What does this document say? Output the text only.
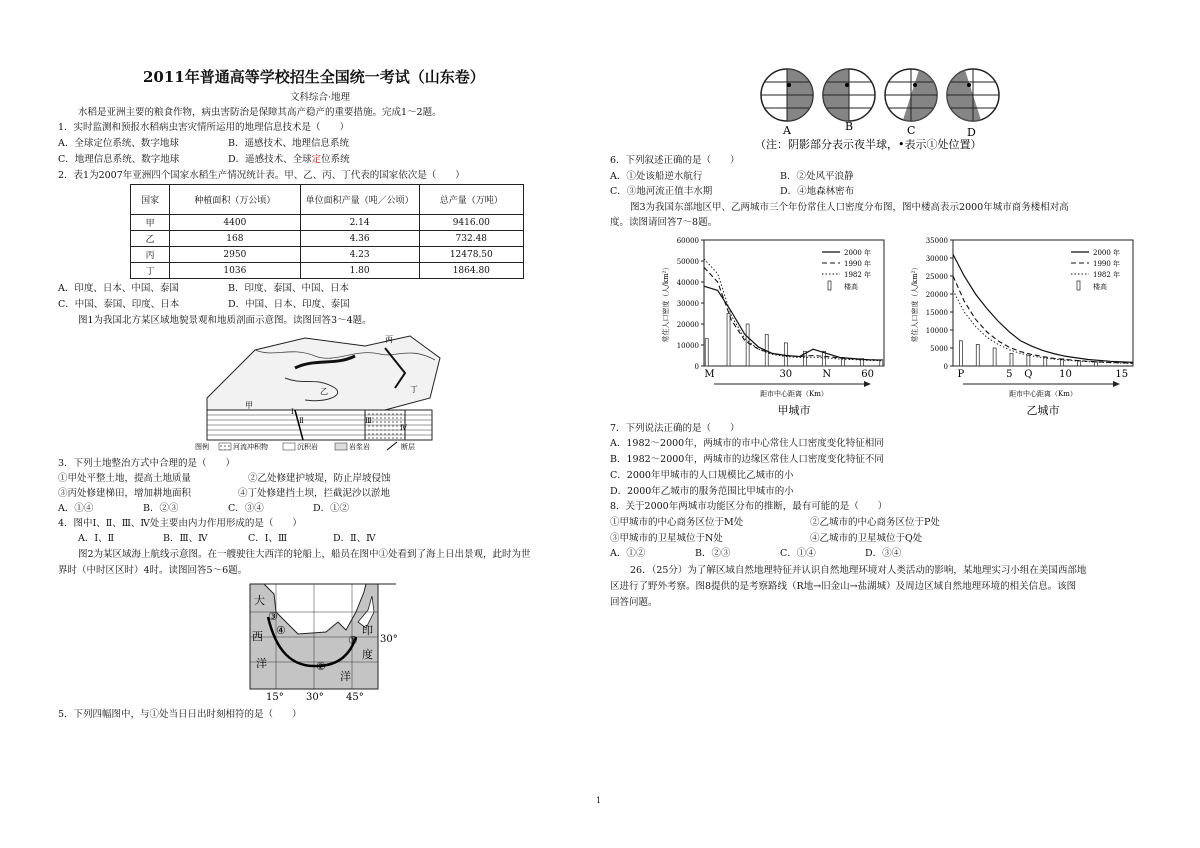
2011年普通高等学校招生全国统一考试（山东卷）
文科综合·地理
水稻是亚洲主要的粮食作物，病虫害防治是保障其高产稳产的重要措施。完成1～2题。
1．实时监测和预报水稻病虫害灾情所运用的地理信息技术是（　　）
A．全球定位系统、数字地球	B．遥感技术、地理信息系统
C．地理信息系统、数字地球	D．遥感技术、全球定位系统
2．表1为2007年亚洲四个国家水稻生产情况统计表。甲、乙、丙、丁代表的国家依次是（　　）
国家	种植面积（万公顷）	单位面积产量（吨／公顷）	总产量（万吨）
甲	4400	2.14	9416.00
乙	168	4.36	732.48
丙	2950	4.23	12478.50
丁	1036	1.80	1864.80
A．印度、日本、中国、泰国	B．印度、泰国、中国、日本
C．中国、泰国、印度、日本	D．中国、日本、印度、泰国
图1为我国北方某区域地貌景观和地质剖面示意图。读图回答3～4题。
甲
乙
丙
丁
Ⅰ
Ⅱ	Ⅲ
Ⅳ
图例	河流冲积物	沉积岩	岩浆岩	断层
3．下列土地整治方式中合理的是（　　）
①甲处平整土地，提高土地质量	②乙处修建护坡堤，防止岸坡侵蚀
③丙处修建梯田，增加耕地面积	④丁处修建挡土坝，拦截泥沙以淤地
A．①④	B．②③	C．③④	D．①②
4．图中Ⅰ、Ⅱ、Ⅲ、Ⅳ处主要由内力作用形成的是（　　）
A．Ⅰ、Ⅱ	B．Ⅲ、Ⅳ	C．Ⅰ、Ⅲ	D．Ⅱ、Ⅳ
图2为某区域海上航线示意图。在一艘驶往大西洋的轮船上，船员在图中①处看到了海上日出景观，此时为世
界时（中时区区时）4时。读图回答5～6题。
大
西
洋
印
度
洋
①
②
③
④
30°
15° 30° 45°
5．下列四幅图中，与①处当日日出时刻相符的是（　　）
A	B	C	D
（注：阴影部分表示夜半球，•表示①处位置）
6．下列叙述正确的是（　　）
A．①处该船逆水航行	B．②处风平浪静
C．③地河流正值丰水期	D．④地森林密布
图3为我国东部地区甲、乙两城市三个年份常住人口密度分布图，图中楼高表示2000年城市商务楼相对高
度。读图请回答7～8题。
0
10000
20000
30000
40000
50000
60000
2000 年
1990 年
1982 年
楼高
常住人口密度（人/km²）
M	30	N	60
距市中心距离（Km）
甲城市
0
5000
10000
15000
20000
25000
30000
35000
2000 年
1990 年
1982 年
楼高
常住人口密度（人/km²）
P	5 Q	10	15
距市中心距离（Km）
乙城市
7．下列说法正确的是（　　）
A．1982～2000年，两城市的市中心常住人口密度变化特征相同
B．1982～2000年，两城市的边缘区常住人口密度变化特征不同
C．2000年甲城市的人口规模比乙城市的小
D．2000年乙城市的服务范围比甲城市的小
8．关于2000年两城市功能区分布的推断，最有可能的是（　　）
①甲城市的中心商务区位于M处	②乙城市的中心商务区位于P处
③甲城市的卫星城位于N处	④乙城市的卫星城位于Q处
A．①②	B．②③	C．①④	D．③④
26．（25分）为了解区域自然地理特征并认识自然地理环境对人类活动的影响，某地理实习小组在美国西部地
区进行了野外考察。图8提供的是考察路线（R地→旧金山→盐湖城）及周边区域自然地理环境的相关信息。该图
回答问题。
1
